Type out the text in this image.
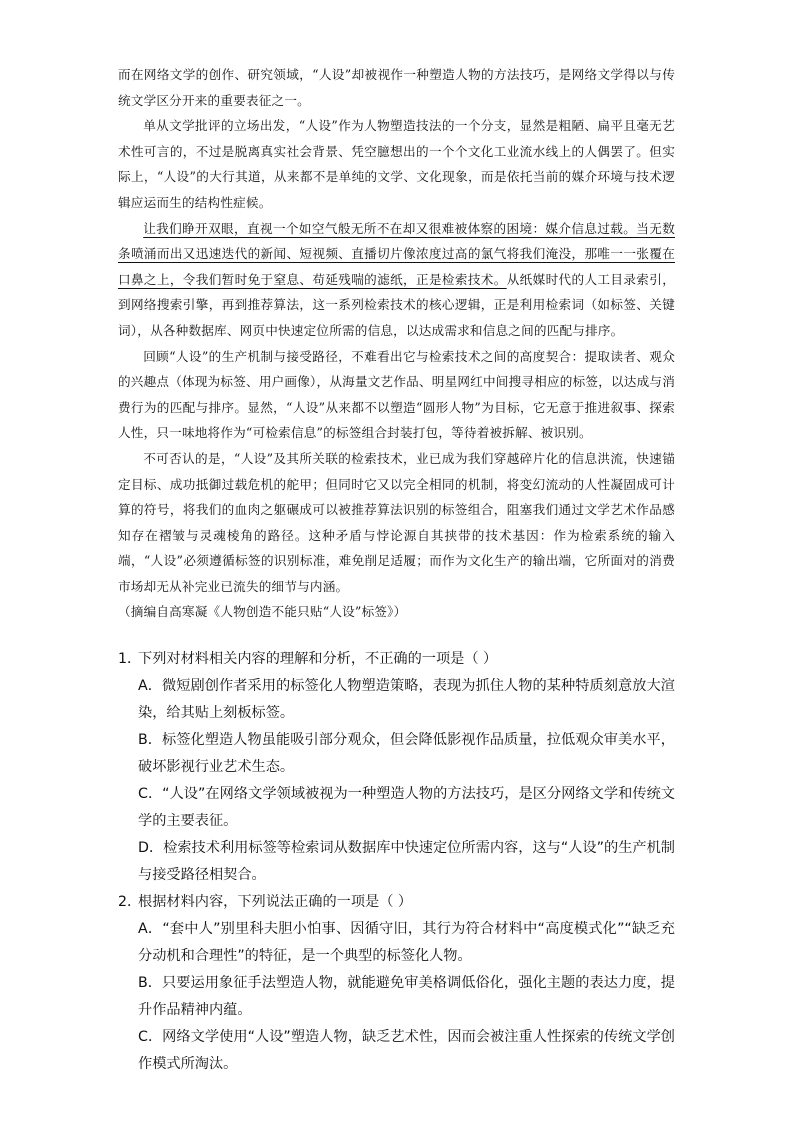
而在网络文学的创作、研究领域，“人设”却被视作一种塑造人物的方法技巧，是网络文学得以与传统文学区分开来的重要表征之一。

单从文学批评的立场出发，“人设”作为人物塑造技法的一个分支，显然是粗陋、扁平且毫无艺术性可言的，不过是脱离真实社会背景、凭空臆想出的一个个文化工业流水线上的人偶罢了。但实际上，“人设”的大行其道，从来都不是单纯的文学、文化现象，而是依托当前的媒介环境与技术逻辑应运而生的结构性症候。

让我们睁开双眼，直视一个如空气般无所不在却又很难被体察的困境：媒介信息过载。当无数条喷涌而出又迅速迭代的新闻、短视频、直播切片像浓度过高的氯气将我们淹没，那唯一一张覆在口鼻之上，令我们暂时免于窒息、苟延残喘的滤纸，正是检索技术。从纸媒时代的人工目录索引，到网络搜索引擎，再到推荐算法，这一系列检索技术的核心逻辑，正是利用检索词（如标签、关键词），从各种数据库、网页中快速定位所需的信息，以达成需求和信息之间的匹配与排序。

回顾“人设”的生产机制与接受路径，不难看出它与检索技术之间的高度契合：提取读者、观众的兴趣点（体现为标签、用户画像），从海量文艺作品、明星网红中间搜寻相应的标签，以达成与消费行为的匹配与排序。显然，“人设”从来都不以塑造“圆形人物”为目标，它无意于推进叙事、探索人性，只一味地将作为“可检索信息”的标签组合封装打包，等待着被拆解、被识别。

不可否认的是，“人设”及其所关联的检索技术，业已成为我们穿越碎片化的信息洪流，快速锚定目标、成功抵御过载危机的舵甲；但同时它又以完全相同的机制，将变幻流动的人性凝固成可计算的符号，将我们的血肉之躯碾成可以被推荐算法识别的标签组合，阻塞我们通过文学艺术作品感知存在褶皱与灵魂棱角的路径。这种矛盾与悖论源自其挟带的技术基因：作为检索系统的输入端，“人设”必须遵循标签的识别标准，难免削足适履；而作为文化生产的输出端，它所面对的消费市场却无从补完业已流失的细节与内涵。

（摘编自高寒凝《人物创造不能只贴“人设”标签》）

1．下列对材料相关内容的理解和分析，不正确的一项是（ ）

A．微短剧创作者采用的标签化人物塑造策略，表现为抓住人物的某种特质刻意放大渲染，给其贴上刻板标签。

B．标签化塑造人物虽能吸引部分观众，但会降低影视作品质量，拉低观众审美水平，破坏影视行业艺术生态。

C．“人设”在网络文学领域被视为一种塑造人物的方法技巧，是区分网络文学和传统文学的主要表征。

D．检索技术利用标签等检索词从数据库中快速定位所需内容，这与“人设”的生产机制与接受路径相契合。

2．根据材料内容，下列说法正确的一项是（ ）

A．“套中人”别里科夫胆小怕事、因循守旧，其行为符合材料中“高度模式化”“缺乏充分动机和合理性”的特征，是一个典型的标签化人物。

B．只要运用象征手法塑造人物，就能避免审美格调低俗化，强化主题的表达力度，提升作品精神内蕴。

C．网络文学使用“人设”塑造人物，缺乏艺术性，因而会被注重人性探索的传统文学创作模式所淘汰。
